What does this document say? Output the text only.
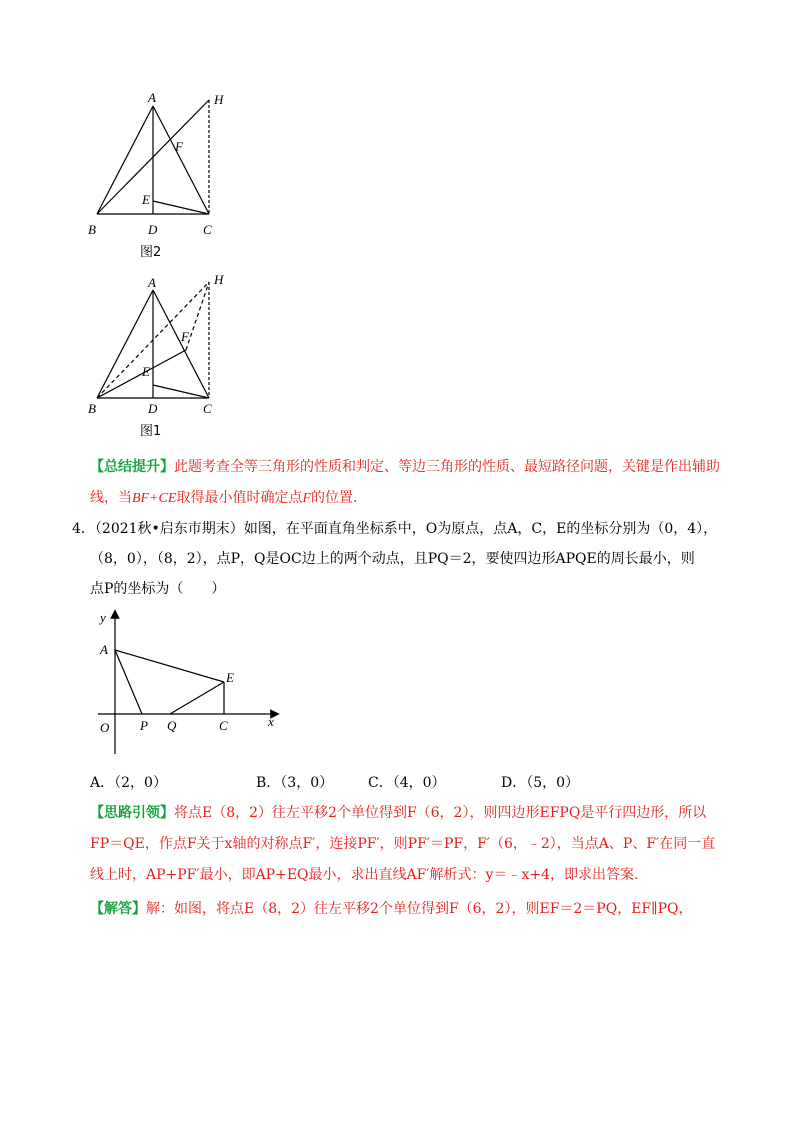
A	H
F
E
B	D	C
图2
A	H
F
E
B	D	C
图1

【总结提升】此题考查全等三角形的性质和判定、等边三角形的性质、最短路径问题，关键是作出辅助线，当BF+CE取得最小值时确定点F的位置.

4．（2021秋•启东市期末）如图，在平面直角坐标系中，O为原点，点A，C，E的坐标分别为（0，4），
（8，0），（8，2），点P，Q是OC边上的两个动点，且PQ＝2，要使四边形APQE的周长最小，则
点P的坐标为（　　）
y
x
A
E
O P Q	C
A．（2，0）	B．（3，0） C．（4，0）	D．（5，0）
【思路引领】将点E（8，2）往左平移2个单位得到F（6，2），则四边形EFPQ是平行四边形，所以
FP＝QE，作点F关于x轴的对称点F′，连接PF′，则PF′＝PF，F′（6，﹣2），当点A、P、F′在同一直
线上时，AP+PF′最小，即AP+EQ最小，求出直线AF′解析式：y＝﹣x+4，即求出答案.
【解答】解：如图，将点E（8，2）往左平移2个单位得到F（6，2），则EF＝2＝PQ，EF∥PQ，
